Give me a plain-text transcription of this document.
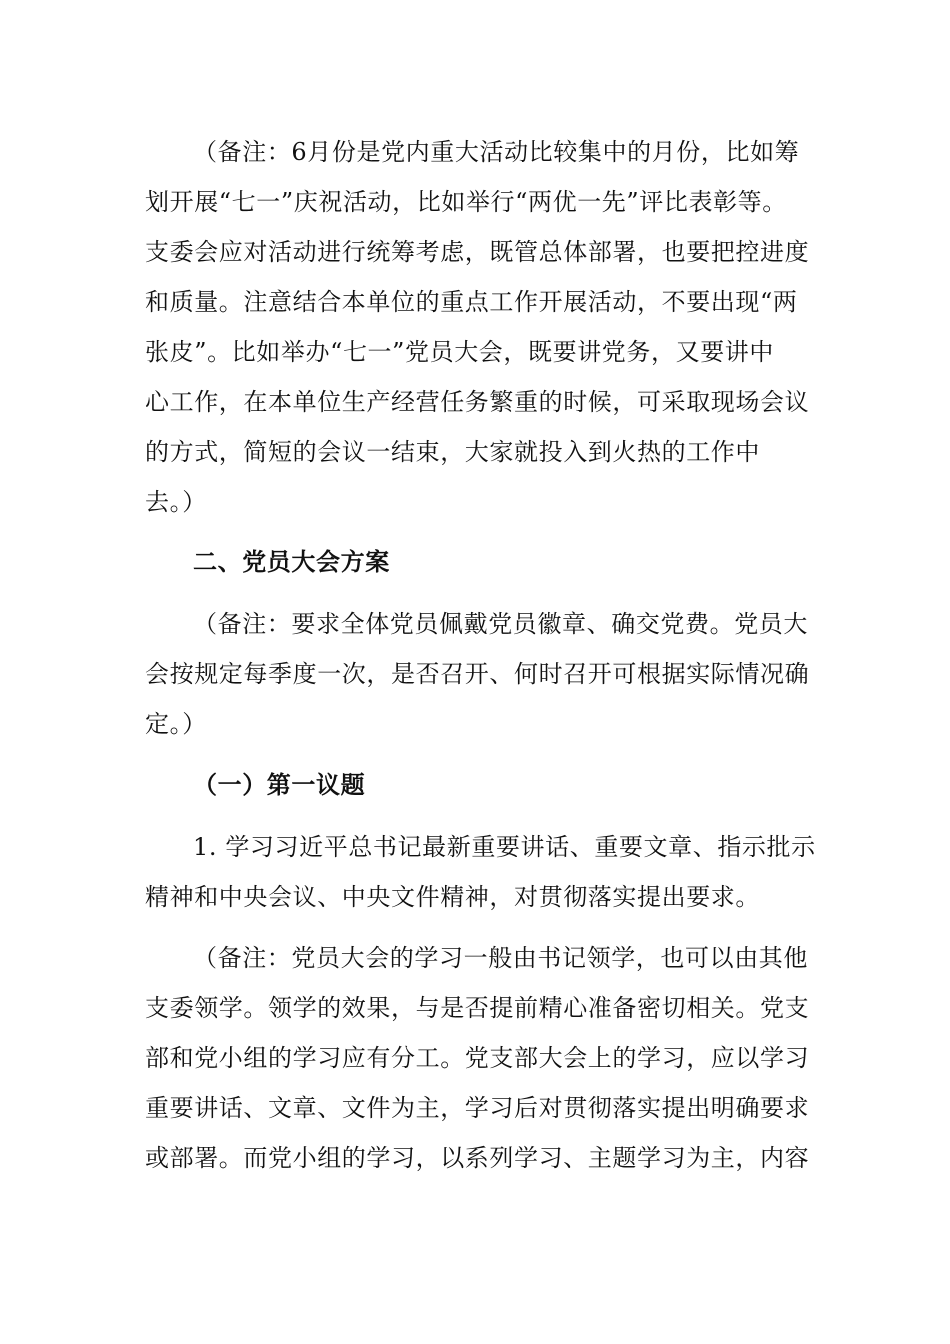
（备注：6月份是党内重大活动比较集中的月份，比如筹
划开展“七一”庆祝活动，比如举行“两优一先”评比表彰等。
支委会应对活动进行统筹考虑，既管总体部署，也要把控进度
和质量。注意结合本单位的重点工作开展活动，不要出现“两
张皮”。比如举办“七一”党员大会，既要讲党务，又要讲中
心工作，在本单位生产经营任务繁重的时候，可采取现场会议
的方式，简短的会议一结束，大家就投入到火热的工作中
去。）
二、党员大会方案
（备注：要求全体党员佩戴党员徽章、确交党费。党员大
会按规定每季度一次，是否召开、何时召开可根据实际情况确
定。）
（一）第一议题
1. 学习习近平总书记最新重要讲话、重要文章、指示批示
精神和中央会议、中央文件精神，对贯彻落实提出要求。
（备注：党员大会的学习一般由书记领学，也可以由其他
支委领学。领学的效果，与是否提前精心准备密切相关。党支
部和党小组的学习应有分工。党支部大会上的学习，应以学习
重要讲话、文章、文件为主，学习后对贯彻落实提出明确要求
或部署。而党小组的学习，以系列学习、主题学习为主，内容
